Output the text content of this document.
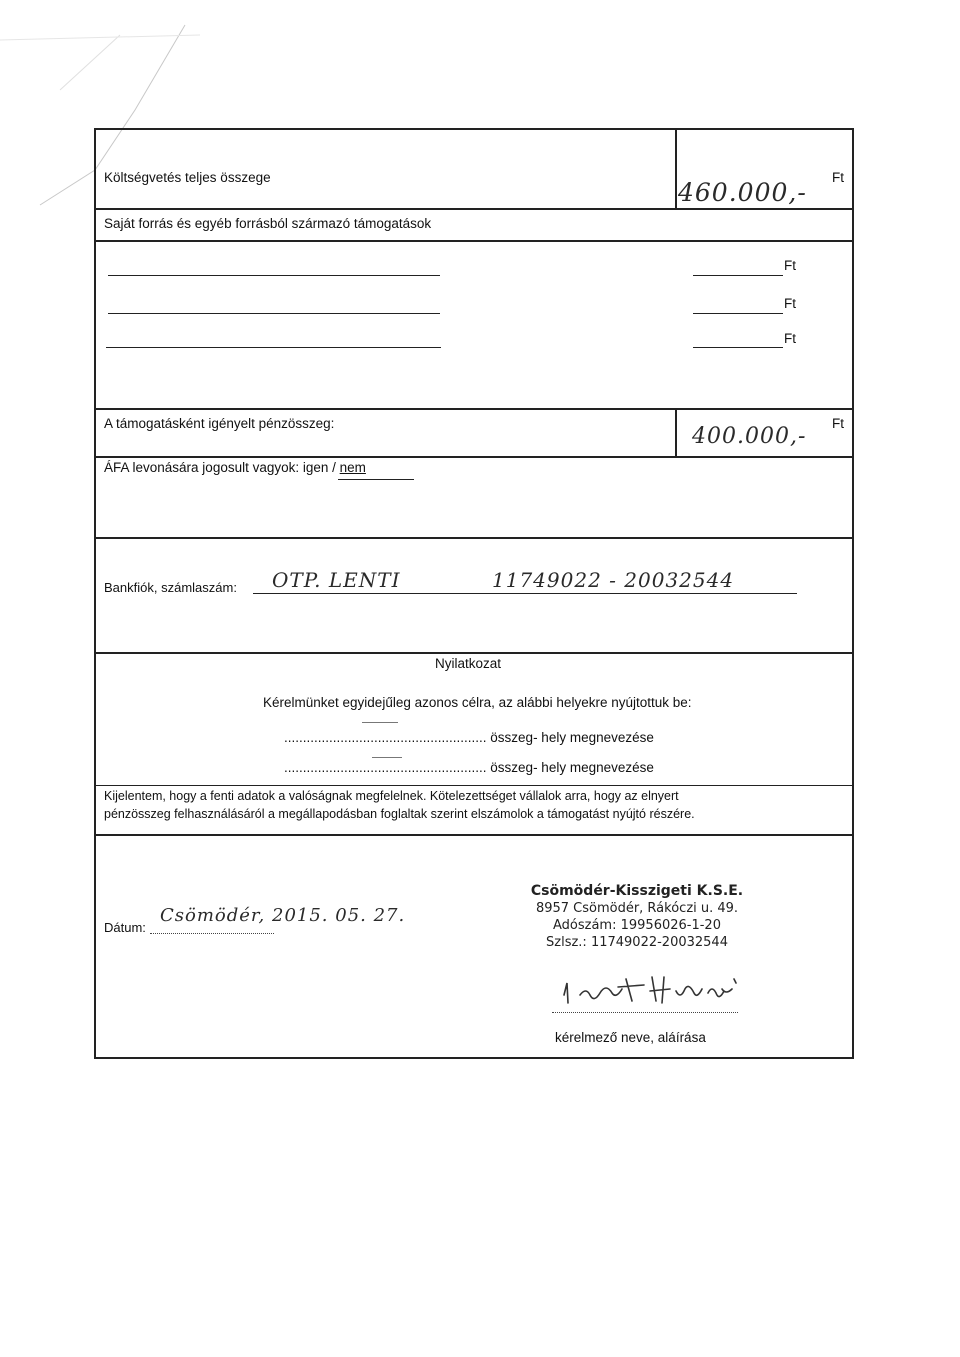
Költségvetés teljes összege
460.000,-
Ft
Saját forrás és egyéb forrásból származó támogatások
Ft
Ft
Ft
A támogatásként igényelt pénzösszeg:
400.000,-
Ft
ÁFA levonására jogosult vagyok: igen / nem
Bankfiók, számlaszám: OTP. LENTI	11749022 - 20032544
Nyilatkozat
Kérelmünket egyidejűleg azonos célra, az alábbi helyekre nyújtottuk be:
...................................................... összeg- hely megnevezése
...................................................... összeg- hely megnevezése
Kijelentem, hogy a fenti adatok a valóságnak megfelelnek. Kötelezettséget vállalok arra, hogy az elnyert
pénzösszeg felhasználásáról a megállapodásban foglaltak szerint elszámolok a támogatást nyújtó részére.
Dátum:
Csömödér, 2015. 05. 27.
Csömödér-Kisszigeti K.S.E.
8957 Csömödér, Rákóczi u. 49.
Adószám: 19956026-1-20
Szlsz.: 11749022-20032544
kérelmező neve, aláírása
